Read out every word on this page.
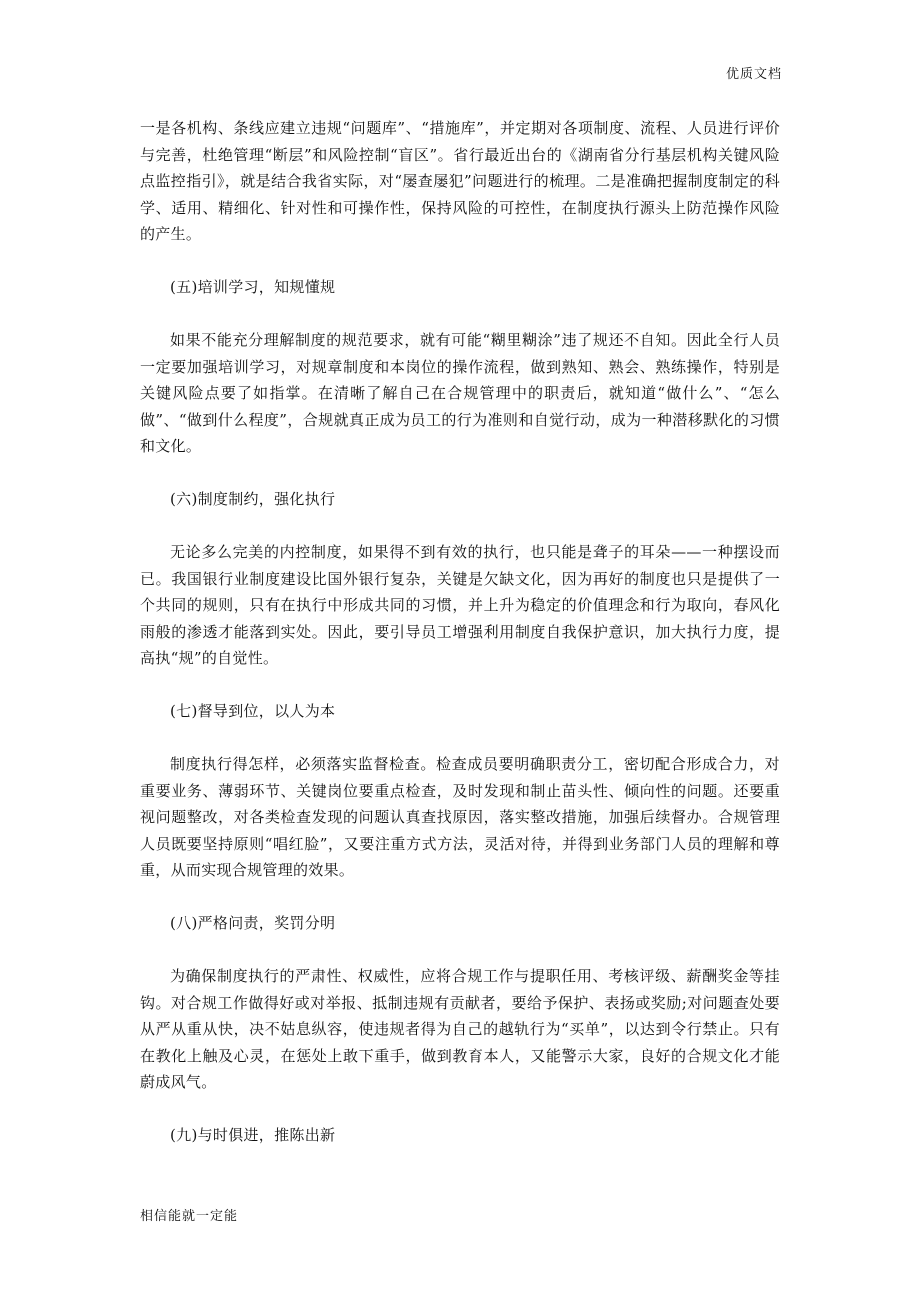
优质文档

一是各机构、条线应建立违规“问题库”、“措施库”，并定期对各项制度、流程、人员进行评价与完善，杜绝管理“断层”和风险控制“盲区”。省行最近出台的《湖南省分行基层机构关键风险点监控指引》，就是结合我省实际，对“屡查屡犯”问题进行的梳理。二是准确把握制度制定的科学、适用、精细化、针对性和可操作性，保持风险的可控性，在制度执行源头上防范操作风险的产生。

(五)培训学习，知规懂规

如果不能充分理解制度的规范要求，就有可能“糊里糊涂”违了规还不自知。因此全行人员一定要加强培训学习，对规章制度和本岗位的操作流程，做到熟知、熟会、熟练操作，特别是关键风险点要了如指掌。在清晰了解自己在合规管理中的职责后，就知道“做什么”、“怎么做”、“做到什么程度”，合规就真正成为员工的行为准则和自觉行动，成为一种潜移默化的习惯和文化。

(六)制度制约，强化执行

无论多么完美的内控制度，如果得不到有效的执行，也只能是聋子的耳朵——一种摆设而已。我国银行业制度建设比国外银行复杂，关键是欠缺文化，因为再好的制度也只是提供了一个共同的规则，只有在执行中形成共同的习惯，并上升为稳定的价值理念和行为取向，春风化雨般的渗透才能落到实处。因此，要引导员工增强利用制度自我保护意识，加大执行力度，提高执“规”的自觉性。

(七)督导到位，以人为本

制度执行得怎样，必须落实监督检查。检查成员要明确职责分工，密切配合形成合力，对重要业务、薄弱环节、关键岗位要重点检查，及时发现和制止苗头性、倾向性的问题。还要重视问题整改，对各类检查发现的问题认真查找原因，落实整改措施，加强后续督办。合规管理人员既要坚持原则“唱红脸”，又要注重方式方法，灵活对待，并得到业务部门人员的理解和尊重，从而实现合规管理的效果。

(八)严格问责，奖罚分明

为确保制度执行的严肃性、权威性，应将合规工作与提职任用、考核评级、薪酬奖金等挂钩。对合规工作做得好或对举报、抵制违规有贡献者，要给予保护、表扬或奖励;对问题查处要从严从重从快，决不姑息纵容，使违规者得为自己的越轨行为“买单”，以达到令行禁止。只有在教化上触及心灵，在惩处上敢下重手，做到教育本人，又能警示大家，良好的合规文化才能蔚成风气。

(九)与时俱进，推陈出新

相信能就一定能
